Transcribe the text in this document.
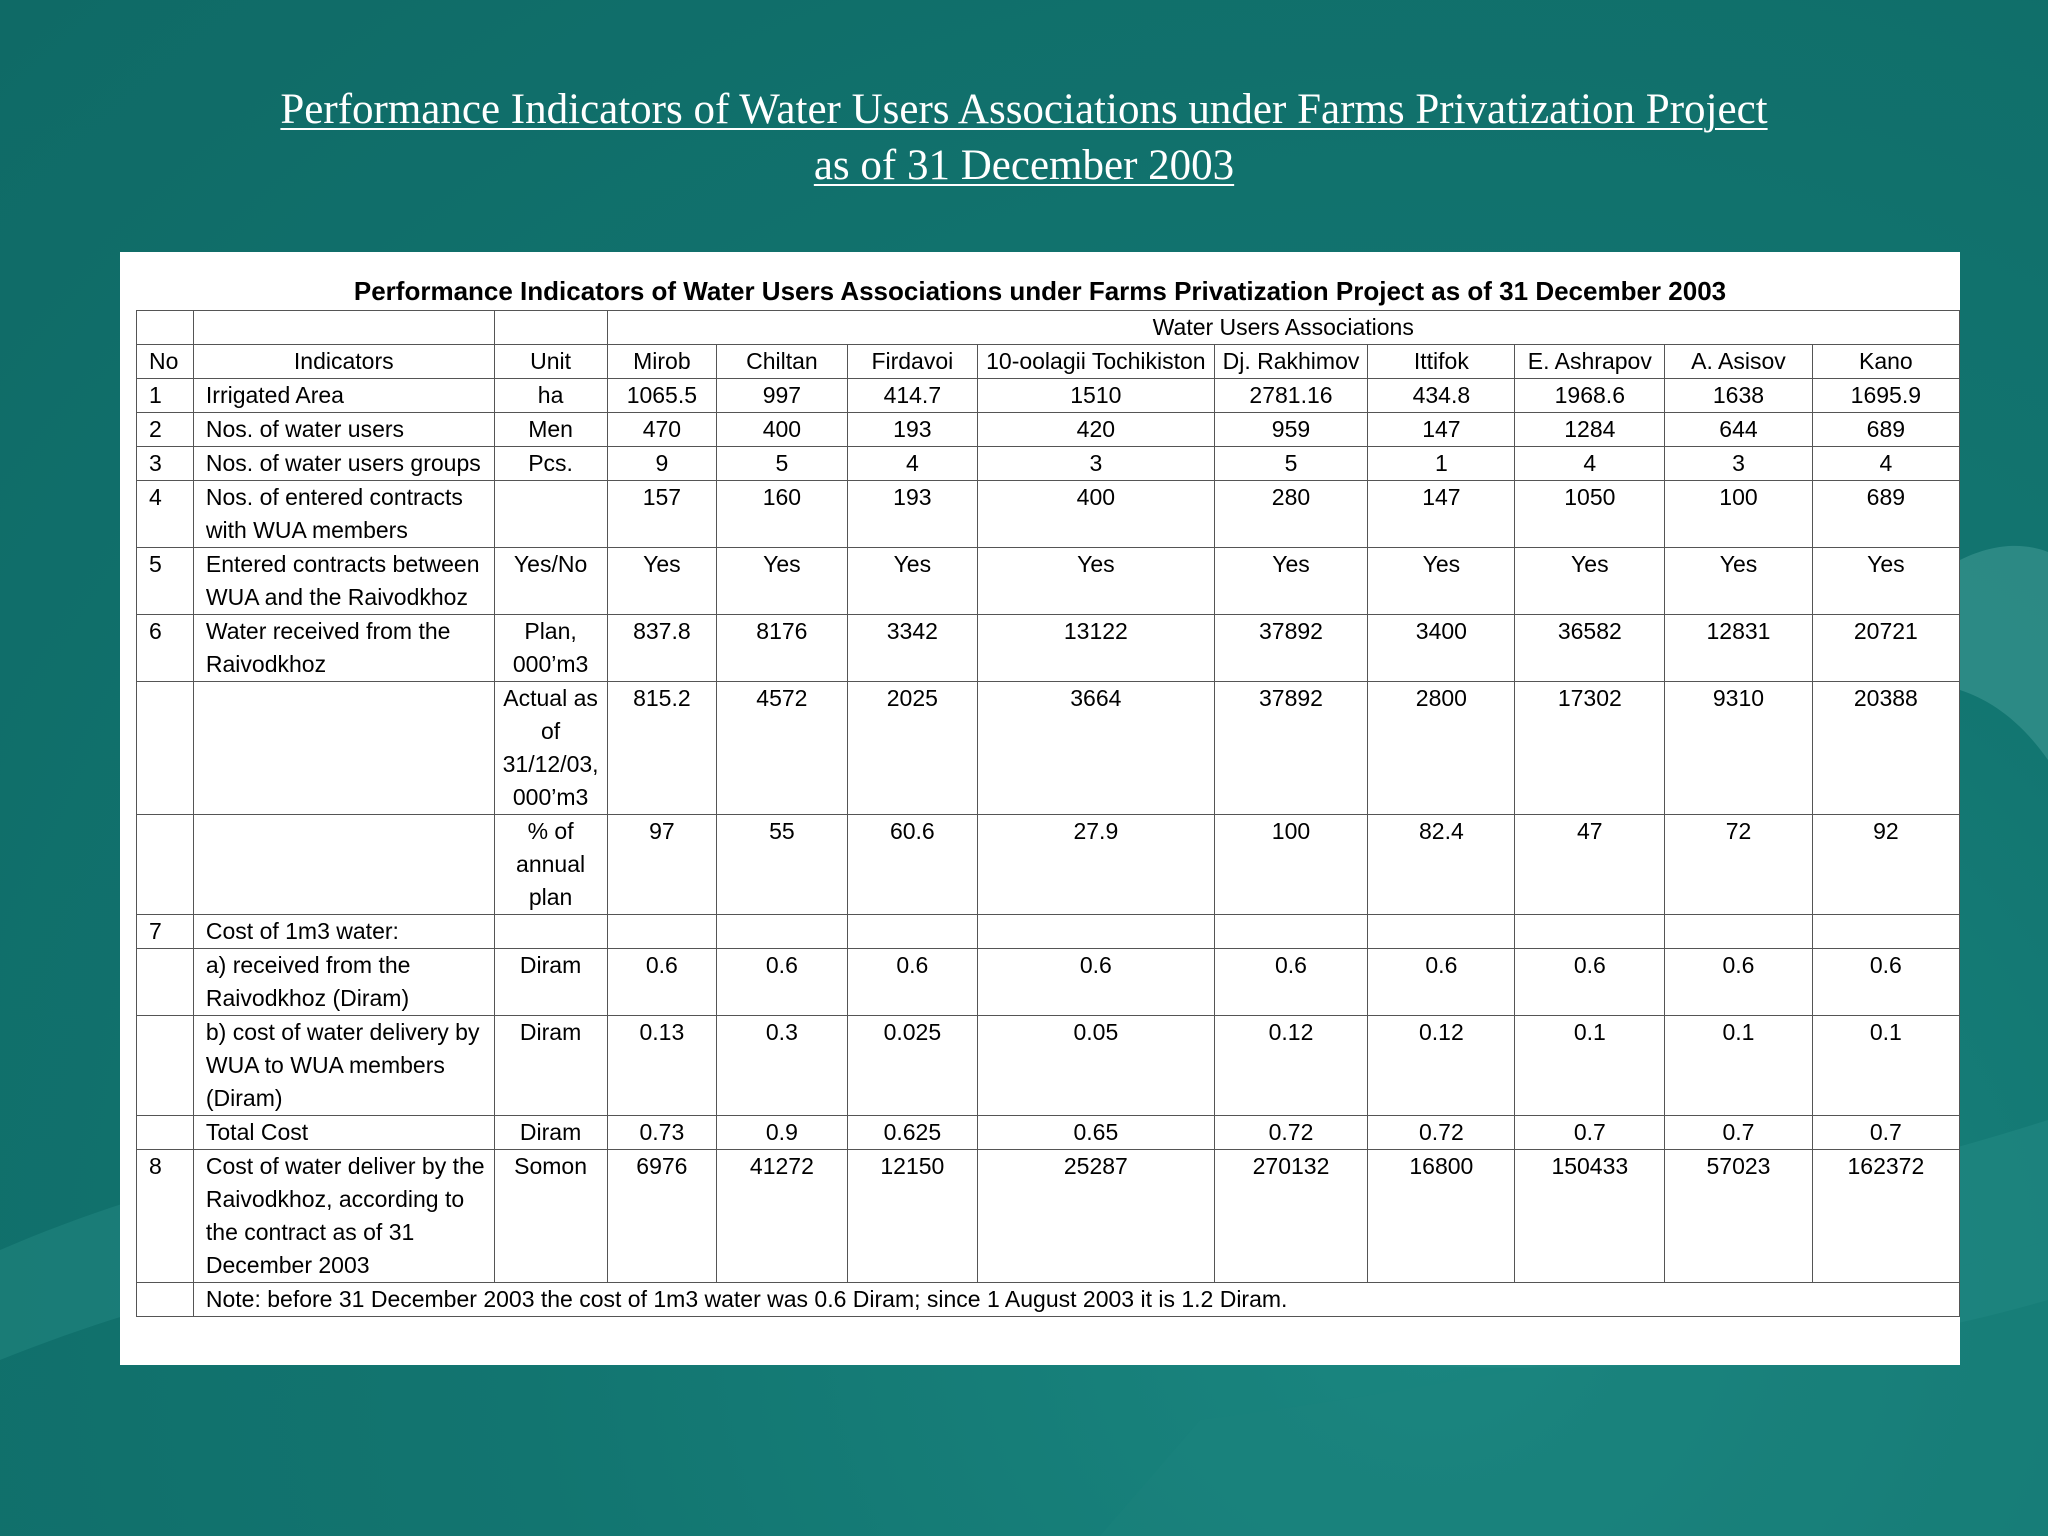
Performance Indicators of Water Users Associations under Farms Privatization Project
as of 31 December 2003
Performance Indicators of Water Users Associations under Farms Privatization Project as of 31 December 2003
			Water Users Associations								
No	Indicators	Unit	Mirob	Chiltan	Firdavoi	10-oolagii Tochikiston	Dj. Rakhimov	Ittifok	E. Ashrapov	A. Asisov	Kano
1	Irrigated Area	ha	1065.5	997	414.7	1510	2781.16	434.8	1968.6	1638	1695.9
2	Nos. of water users	Men	470	400	193	420	959	147	1284	644	689
3	Nos. of water users groups	Pcs.	9	5	4	3	5	1	4	3	4
4	Nos. of entered contracts with WUA members		157	160	193	400	280	147	1050	100	689
5	Entered contracts between WUA and the Raivodkhoz	Yes/No	Yes	Yes	Yes	Yes	Yes	Yes	Yes	Yes	Yes
6	Water received from the Raivodkhoz	Plan, 000’m3	837.8	8176	3342	13122	37892	3400	36582	12831	20721
		Actual as of 31/12/03, 000’m3	815.2	4572	2025	3664	37892	2800	17302	9310	20388
		% of annual plan	97	55	60.6	27.9	100	82.4	47	72	92
7	Cost of 1m3 water:										
	a) received from the Raivodkhoz (Diram)	Diram	0.6	0.6	0.6	0.6	0.6	0.6	0.6	0.6	0.6
	b) cost of water delivery by WUA to WUA members (Diram)	Diram	0.13	0.3	0.025	0.05	0.12	0.12	0.1	0.1	0.1
	Total Cost	Diram	0.73	0.9	0.625	0.65	0.72	0.72	0.7	0.7	0.7
8	Cost of water deliver by the Raivodkhoz, according to the contract as of 31 December 2003	Somon	6976	41272	12150	25287	270132	16800	150433	57023	162372
	Note: before 31 December 2003 the cost of 1m3 water was 0.6 Diram; since 1 August 2003 it is 1.2 Diram.										
